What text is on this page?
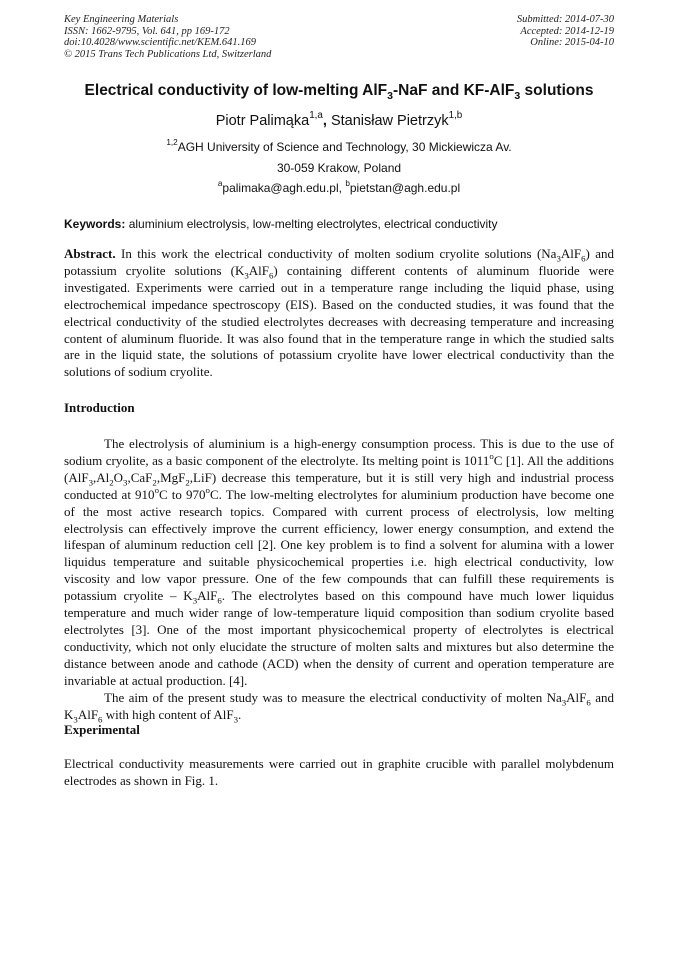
Key Engineering Materials
ISSN: 1662-9795, Vol. 641, pp 169-172
doi:10.4028/www.scientific.net/KEM.641.169
© 2015 Trans Tech Publications Ltd, Switzerland
Submitted: 2014-07-30
Accepted: 2014-12-19
Online: 2015-04-10
Electrical conductivity of low-melting AlF$_3$-NaF and KF-AlF$_3$ solutions
Piotr Palimąka$^{1,a}$, Stanisław Pietrzyk$^{1,b}$
$^{1,2}$AGH University of Science and Technology, 30 Mickiewicza Av.
30-059 Krakow, Poland
$^a$palimaka@agh.edu.pl, $^b$pietstan@agh.edu.pl
Keywords: aluminium electrolysis, low-melting electrolytes, electrical conductivity
Abstract. In this work the electrical conductivity of molten sodium cryolite solutions $(Na_3AlF_6)$ and potassium cryolite solutions $(K_3AlF_6)$ containing different contents of aluminum fluoride were investigated. Experiments were carried out in a temperature range including the liquid phase, using electrochemical impedance spectroscopy (EIS). Based on the conducted studies, it was found that the electrical conductivity of the studied electrolytes decreases with decreasing temperature and increasing content of aluminum fluoride. It was also found that in the temperature range in which the studied salts are in the liquid state, the solutions of potassium cryolite have lower electrical conductivity than the solutions of sodium cryolite.
Introduction

The electrolysis of aluminium is a high-energy consumption process. This is due to the use of sodium cryolite, as a basic component of the electrolyte. Its melting point is 1011$^o$C [1]. All the additions $(AlF_3,Al_2O_3,CaF_2,MgF_2,LiF)$ decrease this temperature, but it is still very high and industrial process conducted at 910$^o$C to 970$^o$C. The low-melting electrolytes for aluminium production have become one of the most active research topics. Compared with current process of electrolysis, low melting electrolysis can effectively improve the current efficiency, lower energy consumption, and extend the lifespan of aluminum reduction cell [2]. One key problem is to find a solvent for alumina with a lower liquidus temperature and suitable physicochemical properties i.e. high electrical conductivity, low viscosity and low vapor pressure. One of the few compounds that can fulfill these requirements is potassium cryolite – $K_3AlF_6$. The electrolytes based on this compound have much lower liquidus temperature and much wider range of low-temperature liquid composition than sodium cryolite based electrolytes [3]. One of the most important physicochemical property of electrolytes is electrical conductivity, which not only elucidate the structure of molten salts and mixtures but also determine the distance between anode and cathode (ACD) when the density of current and operation temperature are invariable at actual production. [4].

The aim of the present study was to measure the electrical conductivity of molten $Na_3AlF_6$ and $K_3AlF_6$ with high content of AlF$_3$.

Experimental

Electrical conductivity measurements were carried out in graphite crucible with parallel molybdenum electrodes as shown in Fig. 1.
